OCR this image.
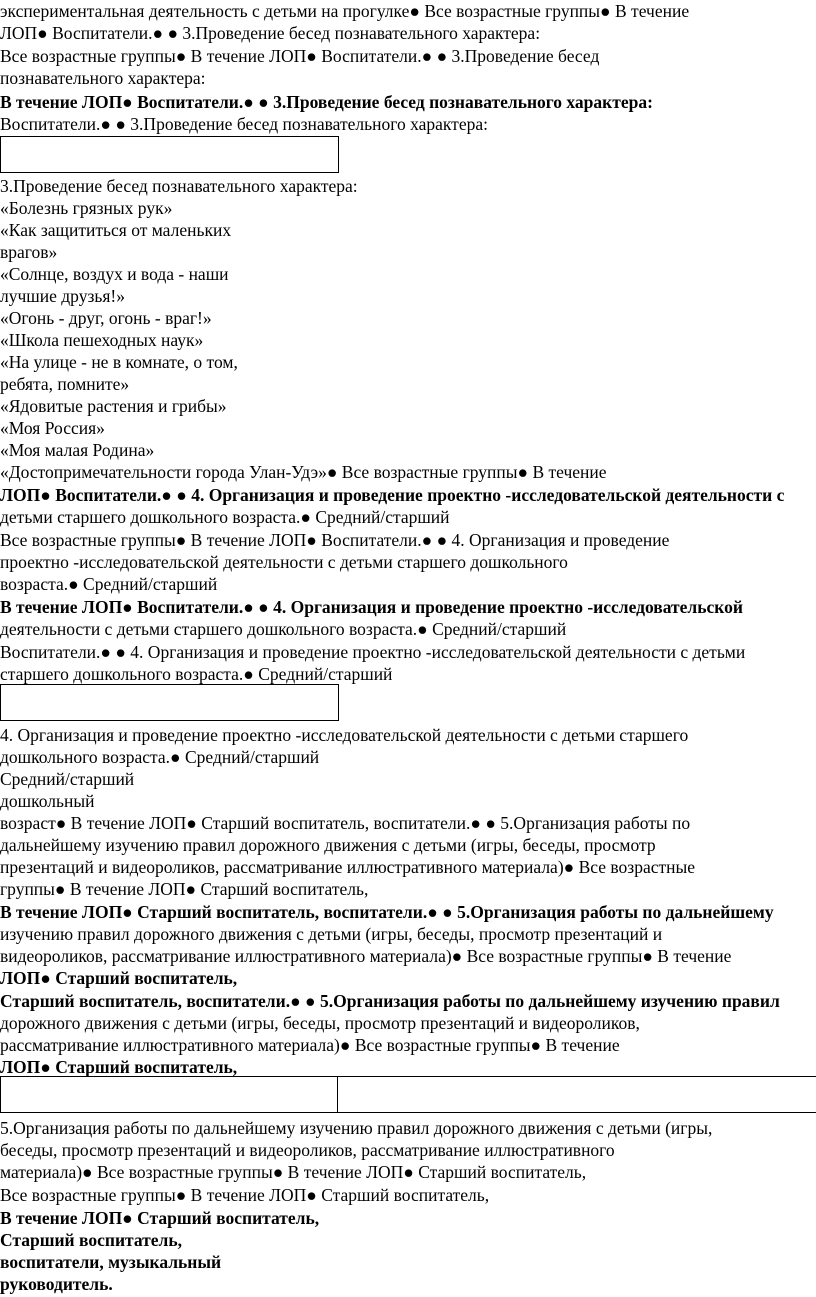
экспериментальная деятельность с детьми на прогулке● Все возрастные группы● В течение
ЛОП● Воспитатели.● ● 3.Проведение бесед познавательного характера:
Все возрастные группы● В течение ЛОП● Воспитатели.● ● 3.Проведение бесед
познавательного характера:
В течение ЛОП● Воспитатели.● ● 3.Проведение бесед познавательного характера:
Воспитатели.● ● 3.Проведение бесед познавательного характера:
3.Проведение бесед познавательного характера:
«Болезнь грязных рук»
«Как защититься от маленьких
врагов»
«Солнце, воздух и вода - наши
лучшие друзья!»
«Огонь - друг, огонь - враг!»
«Школа пешеходных наук»
«На улице - не в комнате, о том,
ребята, помните»
«Ядовитые растения и грибы»
«Моя Россия»
«Моя малая Родина»
«Достопримечательности города Улан-Удэ»● Все возрастные группы● В течение
ЛОП● Воспитатели.● ● 4. Организация и проведение проектно -исследовательской деятельности с
детьми старшего дошкольного возраста.● Средний/старший
Все возрастные группы● В течение ЛОП● Воспитатели.● ● 4. Организация и проведение
проектно -исследовательской деятельности с детьми старшего дошкольного
возраста.● Средний/старший
В течение ЛОП● Воспитатели.● ● 4. Организация и проведение проектно -исследовательской
деятельности с детьми старшего дошкольного возраста.● Средний/старший
Воспитатели.● ● 4. Организация и проведение проектно -исследовательской деятельности с детьми
старшего дошкольного возраста.● Средний/старший
4. Организация и проведение проектно -исследовательской деятельности с детьми старшего
дошкольного возраста.● Средний/старший
Средний/старший
дошкольный
возраст● В течение ЛОП● Старший воспитатель, воспитатели.● ● 5.Организация работы по
дальнейшему изучению правил дорожного движения с детьми (игры, беседы, просмотр
презентаций и видеороликов, рассматривание иллюстративного материала)● Все возрастные
группы● В течение ЛОП● Старший воспитатель,
В течение ЛОП● Старший воспитатель, воспитатели.● ● 5.Организация работы по дальнейшему
изучению правил дорожного движения с детьми (игры, беседы, просмотр презентаций и
видеороликов, рассматривание иллюстративного материала)● Все возрастные группы● В течение
ЛОП● Старший воспитатель,
Старший воспитатель, воспитатели.● ● 5.Организация работы по дальнейшему изучению правил
дорожного движения с детьми (игры, беседы, просмотр презентаций и видеороликов,
рассматривание иллюстративного материала)● Все возрастные группы● В течение
ЛОП● Старший воспитатель,
5.Организация работы по дальнейшему изучению правил дорожного движения с детьми (игры,
беседы, просмотр презентаций и видеороликов, рассматривание иллюстративного
материала)● Все возрастные группы● В течение ЛОП● Старший воспитатель,
Все возрастные группы● В течение ЛОП● Старший воспитатель,
В течение ЛОП● Старший воспитатель,
Старший воспитатель,
воспитатели, музыкальный
руководитель.
